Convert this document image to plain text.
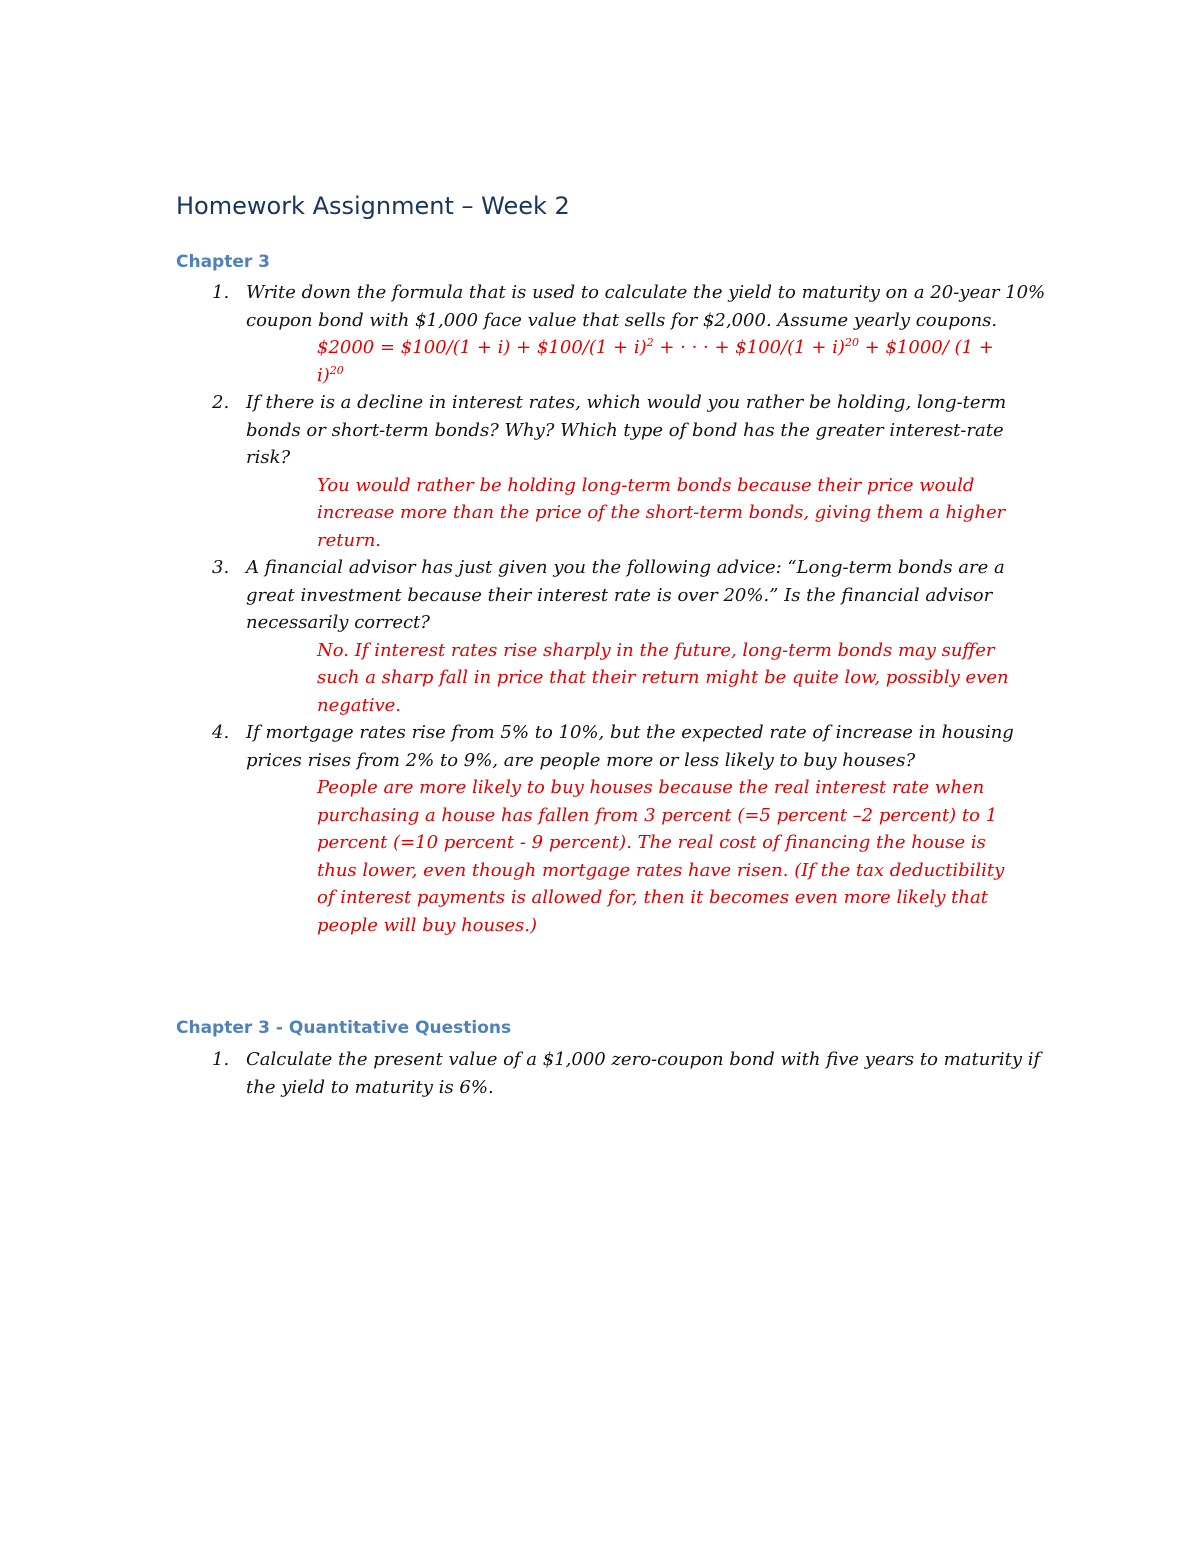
Homework Assignment – Week 2
Chapter 3
1. Write down the formula that is used to calculate the yield to maturity on a 20-year 10% coupon bond with $1,000 face value that sells for $2,000. Assume yearly coupons.

$2000 = $100/(1 + i) + $100/(1 + i)$^2$ + · · · + $100/(1 + i)$^{20}$ + $1000/ $(1 + i)^{20}$

2. If there is a decline in interest rates, which would you rather be holding, long-term bonds or short-term bonds? Why? Which type of bond has the greater interest-rate risk?

You would rather be holding long-term bonds because their price would increase more than the price of the short-term bonds, giving them a higher return.

3. A financial advisor has just given you the following advice: “Long-term bonds are a great investment because their interest rate is over 20%.” Is the financial advisor necessarily correct?

No. If interest rates rise sharply in the future, long-term bonds may suffer such a sharp fall in price that their return might be quite low, possibly even negative.

4. If mortgage rates rise from 5% to 10%, but the expected rate of increase in housing prices rises from 2% to 9%, are people more or less likely to buy houses?

People are more likely to buy houses because the real interest rate when purchasing a house has fallen from 3 percent (=5 percent –2 percent) to 1 percent (=10 percent - 9 percent). The real cost of financing the house is thus lower, even though mortgage rates have risen. (If the tax deductibility of interest payments is allowed for, then it becomes even more likely that people will buy houses.)

Chapter 3 - Quantitative Questions
1. Calculate the present value of a $1,000 zero-coupon bond with five years to maturity if the yield to maturity is 6%.
